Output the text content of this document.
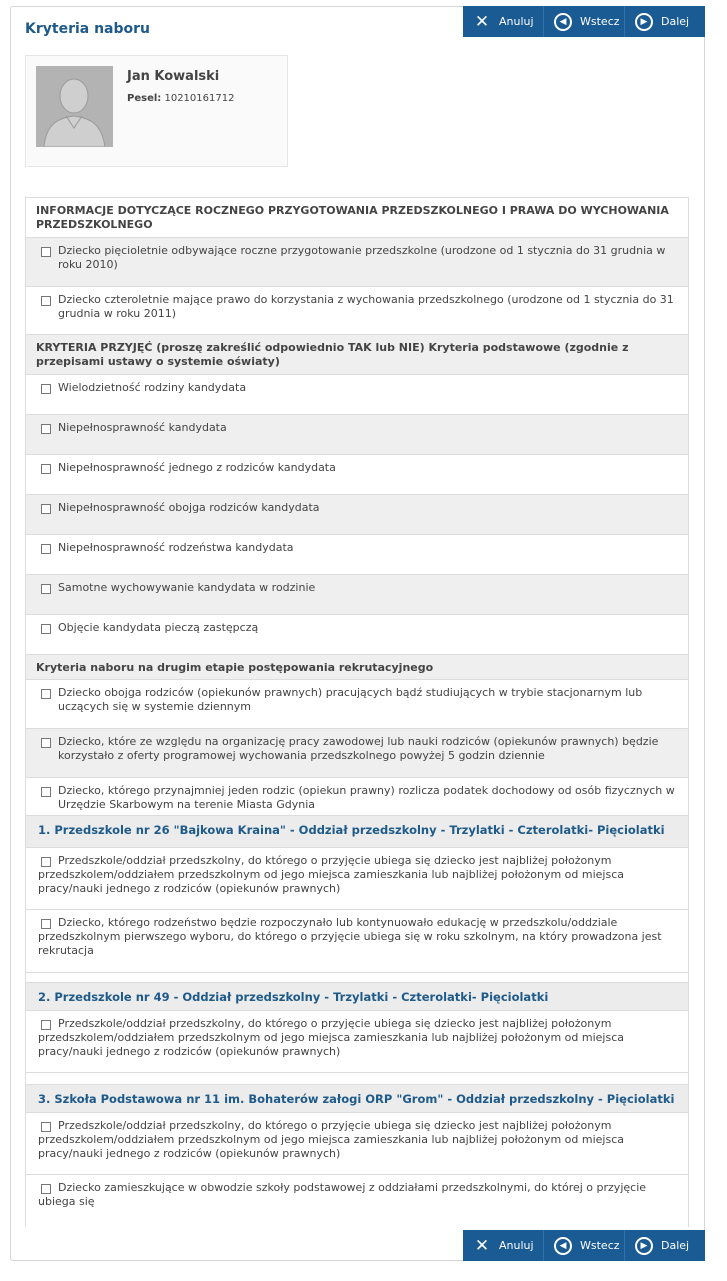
Kryteria naboru	✕ Anuluj	◀	Wstecz	▶	Dalej
Jan Kowalski
Pesel: 10210161712
INFORMACJE DOTYCZĄCE ROCZNEGO PRZYGOTOWANIA PRZEDSZKOLNEGO I PRAWA DO WYCHOWANIA PRZEDSZKOLNEGO
Dziecko pięcioletnie odbywające roczne przygotowanie przedszkolne (urodzone od 1 stycznia do 31 grudnia w roku 2010)
Dziecko czteroletnie mające prawo do korzystania z wychowania przedszkolnego (urodzone od 1 stycznia do 31 grudnia w roku 2011)
KRYTERIA PRZYJĘĆ (proszę zakreślić odpowiednio TAK lub NIE) Kryteria podstawowe (zgodnie z przepisami ustawy o systemie oświaty)
Wielodzietność rodziny kandydata
Niepełnosprawność kandydata
Niepełnosprawność jednego z rodziców kandydata
Niepełnosprawność obojga rodziców kandydata
Niepełnosprawność rodzeństwa kandydata
Samotne wychowywanie kandydata w rodzinie
Objęcie kandydata pieczą zastępczą
Kryteria naboru na drugim etapie postępowania rekrutacyjnego
Dziecko obojga rodziców (opiekunów prawnych) pracujących bądź studiujących w trybie stacjonarnym lub uczących się w systemie dziennym
Dziecko, które ze względu na organizację pracy zawodowej lub nauki rodziców (opiekunów prawnych) będzie korzystało z oferty programowej wychowania przedszkolnego powyżej 5 godzin dziennie
Dziecko, którego przynajmniej jeden rodzic (opiekun prawny) rozlicza podatek dochodowy od osób fizycznych w Urzędzie Skarbowym na terenie Miasta Gdynia
1. Przedszkole nr 26 "Bajkowa Kraina" - Oddział przedszkolny - Trzylatki - Czterolatki- Pięciolatki
Przedszkole/oddział przedszkolny, do którego o przyjęcie ubiega się dziecko jest najbliżej położonym przedszkolem/oddziałem przedszkolnym od jego miejsca zamieszkania lub najbliżej położonym od miejsca pracy/nauki jednego z rodziców (opiekunów prawnych)
Dziecko, którego rodzeństwo będzie rozpoczynało lub kontynuowało edukację w przedszkolu/oddziale przedszkolnym pierwszego wyboru, do którego o przyjęcie ubiega się w roku szkolnym, na który prowadzona jest rekrutacja
2. Przedszkole nr 49 - Oddział przedszkolny - Trzylatki - Czterolatki- Pięciolatki
Przedszkole/oddział przedszkolny, do którego o przyjęcie ubiega się dziecko jest najbliżej położonym przedszkolem/oddziałem przedszkolnym od jego miejsca zamieszkania lub najbliżej położonym od miejsca pracy/nauki jednego z rodziców (opiekunów prawnych)
3. Szkoła Podstawowa nr 11 im. Bohaterów załogi ORP "Grom" - Oddział przedszkolny - Pięciolatki
Przedszkole/oddział przedszkolny, do którego o przyjęcie ubiega się dziecko jest najbliżej położonym przedszkolem/oddziałem przedszkolnym od jego miejsca zamieszkania lub najbliżej położonym od miejsca pracy/nauki jednego z rodziców (opiekunów prawnych)
Dziecko zamieszkujące w obwodzie szkoły podstawowej z oddziałami przedszkolnymi, do której o przyjęcie ubiega się
✕ Anuluj	◀	Wstecz	▶	Dalej
